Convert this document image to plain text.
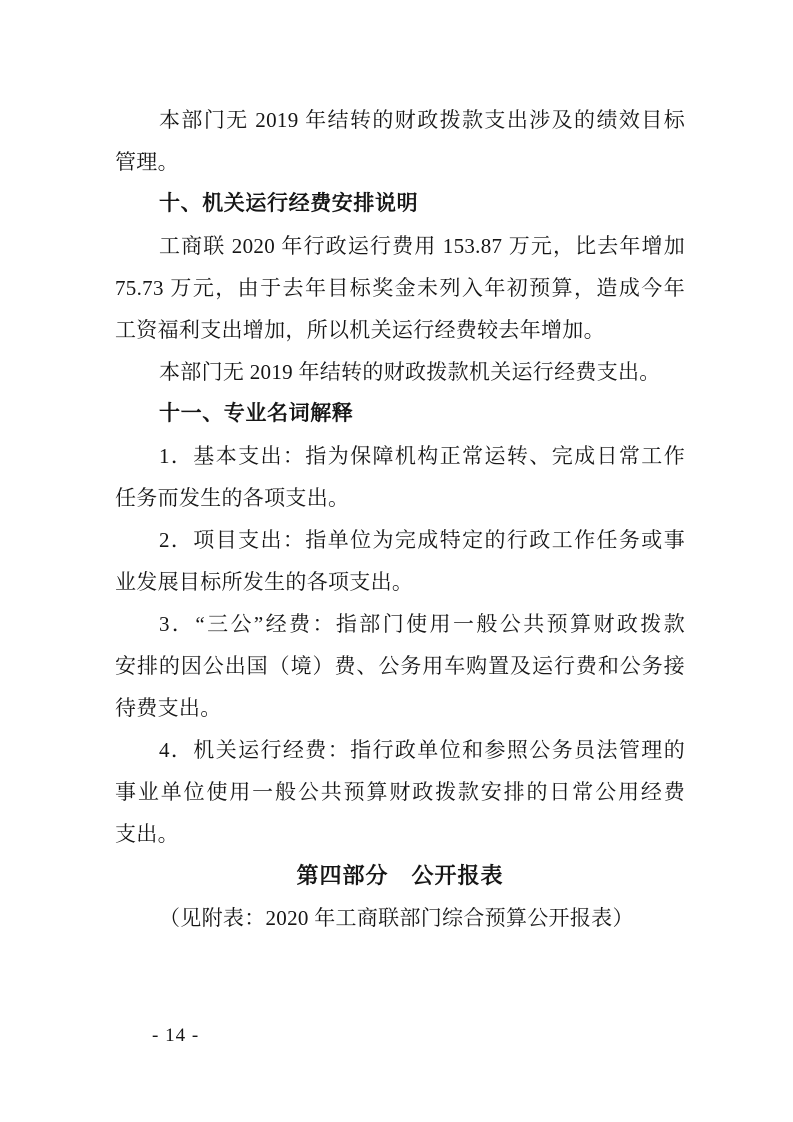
本部门无 2019 年结转的财政拨款支出涉及的绩效目标
管理。
十、机关运行经费安排说明
工商联 2020 年行政运行费用 153.87 万元，比去年增加
75.73 万元，由于去年目标奖金未列入年初预算，造成今年
工资福利支出增加，所以机关运行经费较去年增加。
本部门无 2019 年结转的财政拨款机关运行经费支出。
十一、专业名词解释
1．基本支出：指为保障机构正常运转、完成日常工作
任务而发生的各项支出。
2．项目支出：指单位为完成特定的行政工作任务或事
业发展目标所发生的各项支出。
3．“三公”经费：指部门使用一般公共预算财政拨款
安排的因公出国（境）费、公务用车购置及运行费和公务接
待费支出。
4．机关运行经费：指行政单位和参照公务员法管理的
事业单位使用一般公共预算财政拨款安排的日常公用经费
支出。
第四部分　公开报表
（见附表：2020 年工商联部门综合预算公开报表）
- 14 -
